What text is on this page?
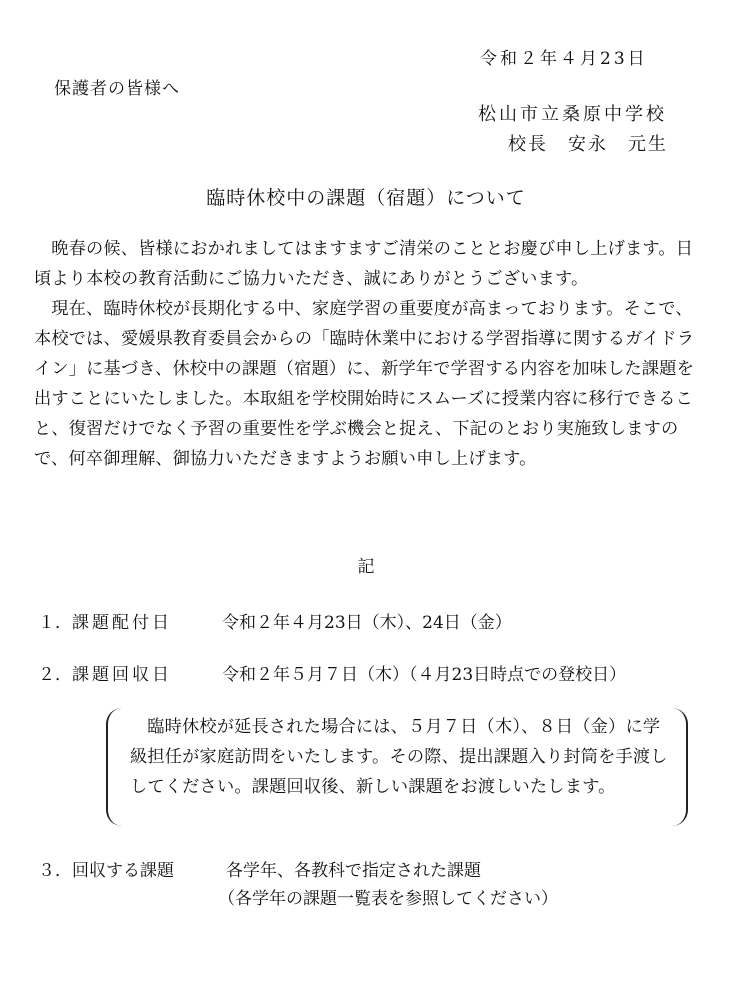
令和２年４月23日
保護者の皆様へ
松山市立桑原中学校
校長　安永　元生
臨時休校中の課題（宿題）について

晩春の候、皆様におかれましてはますますご清栄のこととお慶び申し上げます。日頃より本校の教育活動にご協力いただき、誠にありがとうございます。

現在、臨時休校が長期化する中、家庭学習の重要度が高まっております。そこで、本校では、愛媛県教育委員会からの「臨時休業中における学習指導に関するガイドライン」に基づき、休校中の課題（宿題）に、新学年で学習する内容を加味した課題を出すことにいたしました。本取組を学校開始時にスムーズに授業内容に移行できること、復習だけでなく予習の重要性を学ぶ機会と捉え、下記のとおり実施致しますので、何卒御理解、御協力いただきますようお願い申し上げます。

記
１． 課題配付日	令和２年４月23日（木）、24日（金）
２． 課題回収日	令和２年５月７日（木）（４月23日時点での登校日）

臨時休校が延長された場合には、５月７日（木）、８日（金）に学級担任が家庭訪問をいたします。その際、提出課題入り封筒を手渡ししてください。課題回収後、新しい課題をお渡しいたします。

３． 回収する課題	各学年、各教科で指定された課題
（各学年の課題一覧表を参照してください）
